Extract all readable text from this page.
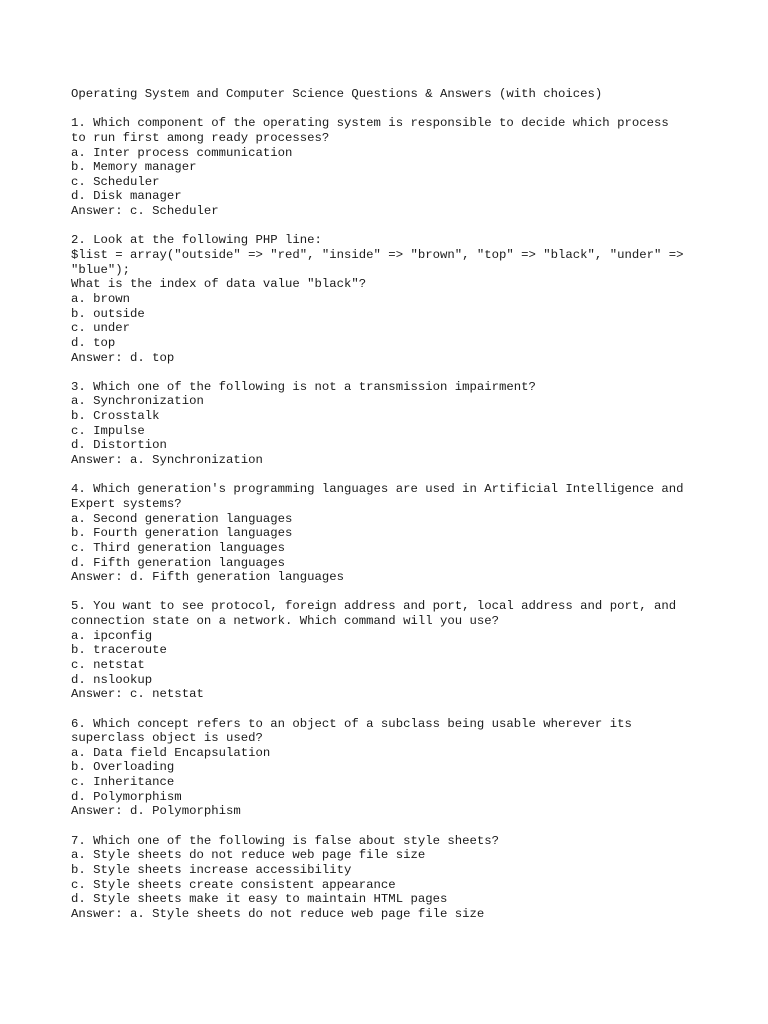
Operating System and Computer Science Questions & Answers (with choices)
1. Which component of the operating system is responsible to decide which process
to run first among ready processes?
a. Inter process communication
b. Memory manager
c. Scheduler
d. Disk manager
Answer: c. Scheduler
2. Look at the following PHP line:
$list = array("outside" => "red", "inside" => "brown", "top" => "black", "under" =>
"blue");
What is the index of data value "black"?
a. brown
b. outside
c. under
d. top
Answer: d. top
3. Which one of the following is not a transmission impairment?
a. Synchronization
b. Crosstalk
c. Impulse
d. Distortion
Answer: a. Synchronization
4. Which generation's programming languages are used in Artificial Intelligence and
Expert systems?
a. Second generation languages
b. Fourth generation languages
c. Third generation languages
d. Fifth generation languages
Answer: d. Fifth generation languages
5. You want to see protocol, foreign address and port, local address and port, and
connection state on a network. Which command will you use?
a. ipconfig
b. traceroute
c. netstat
d. nslookup
Answer: c. netstat
6. Which concept refers to an object of a subclass being usable wherever its
superclass object is used?
a. Data field Encapsulation
b. Overloading
c. Inheritance
d. Polymorphism
Answer: d. Polymorphism
7. Which one of the following is false about style sheets?
a. Style sheets do not reduce web page file size
b. Style sheets increase accessibility
c. Style sheets create consistent appearance
d. Style sheets make it easy to maintain HTML pages
Answer: a. Style sheets do not reduce web page file size
